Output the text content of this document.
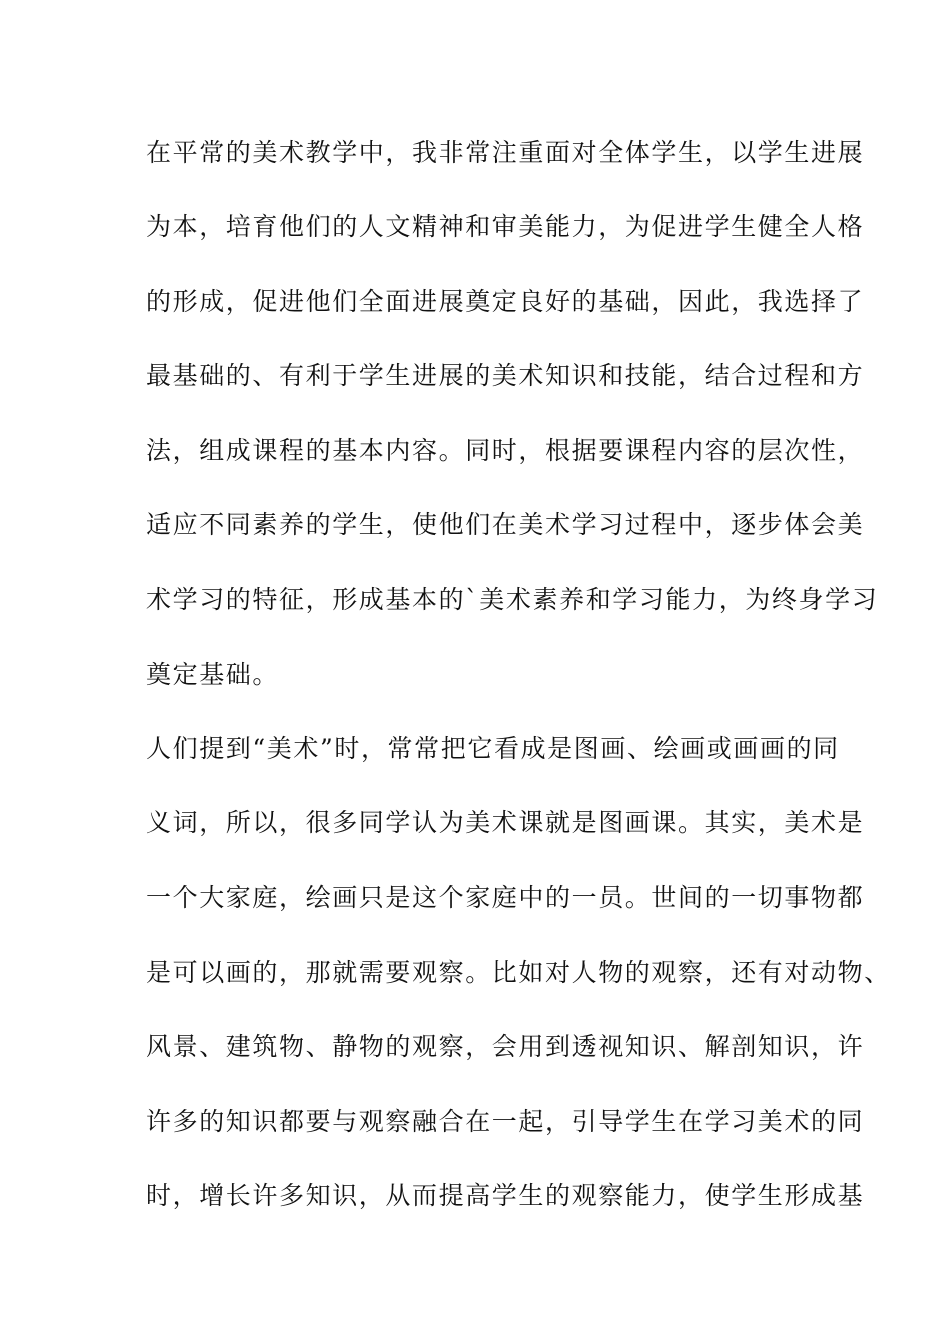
在平常的美术教学中，我非常注重面对全体学生，以学生进展
为本，培育他们的人文精神和审美能力，为促进学生健全人格
的形成，促进他们全面进展奠定良好的基础，因此，我选择了
最基础的、有利于学生进展的美术知识和技能，结合过程和方
法，组成课程的基本内容。同时，根据要课程内容的层次性，
适应不同素养的学生，使他们在美术学习过程中，逐步体会美
术学习的特征，形成基本的`美术素养和学习能力，为终身学习
奠定基础。
人们提到“美术”时，常常把它看成是图画、绘画或画画的同
义词，所以，很多同学认为美术课就是图画课。其实，美术是
一个大家庭，绘画只是这个家庭中的一员。世间的一切事物都
是可以画的，那就需要观察。比如对人物的观察，还有对动物、
风景、建筑物、静物的观察，会用到透视知识、解剖知识，许
许多的知识都要与观察融合在一起，引导学生在学习美术的同
时，增长许多知识，从而提高学生的观察能力，使学生形成基
